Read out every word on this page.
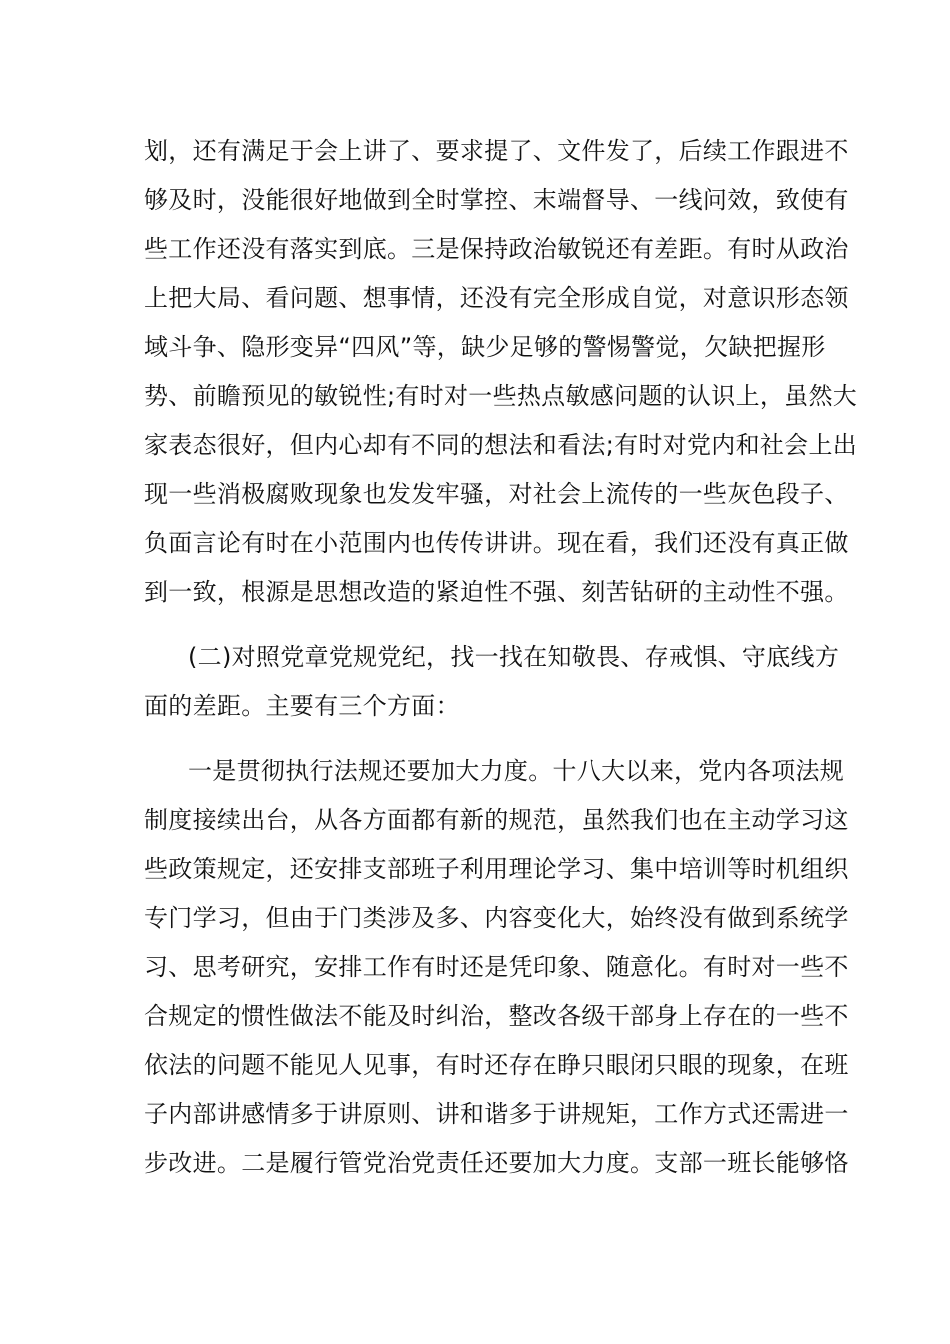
划，还有满足于会上讲了、要求提了、文件发了，后续工作跟进不
够及时，没能很好地做到全时掌控、末端督导、一线问效，致使有
些工作还没有落实到底。三是保持政治敏锐还有差距。有时从政治
上把大局、看问题、想事情，还没有完全形成自觉，对意识形态领
域斗争、隐形变异“四风”等，缺少足够的警惕警觉，欠缺把握形
势、前瞻预见的敏锐性;有时对一些热点敏感问题的认识上，虽然大
家表态很好，但内心却有不同的想法和看法;有时对党内和社会上出
现一些消极腐败现象也发发牢骚，对社会上流传的一些灰色段子、
负面言论有时在小范围内也传传讲讲。现在看，我们还没有真正做
到一致，根源是思想改造的紧迫性不强、刻苦钻研的主动性不强。
(二)对照党章党规党纪，找一找在知敬畏、存戒惧、守底线方
面的差距。主要有三个方面：
一是贯彻执行法规还要加大力度。十八大以来，党内各项法规
制度接续出台，从各方面都有新的规范，虽然我们也在主动学习这
些政策规定，还安排支部班子利用理论学习、集中培训等时机组织
专门学习，但由于门类涉及多、内容变化大，始终没有做到系统学
习、思考研究，安排工作有时还是凭印象、随意化。有时对一些不
合规定的惯性做法不能及时纠治，整改各级干部身上存在的一些不
依法的问题不能见人见事，有时还存在睁只眼闭只眼的现象，在班
子内部讲感情多于讲原则、讲和谐多于讲规矩，工作方式还需进一
步改进。二是履行管党治党责任还要加大力度。支部一班长能够恪
